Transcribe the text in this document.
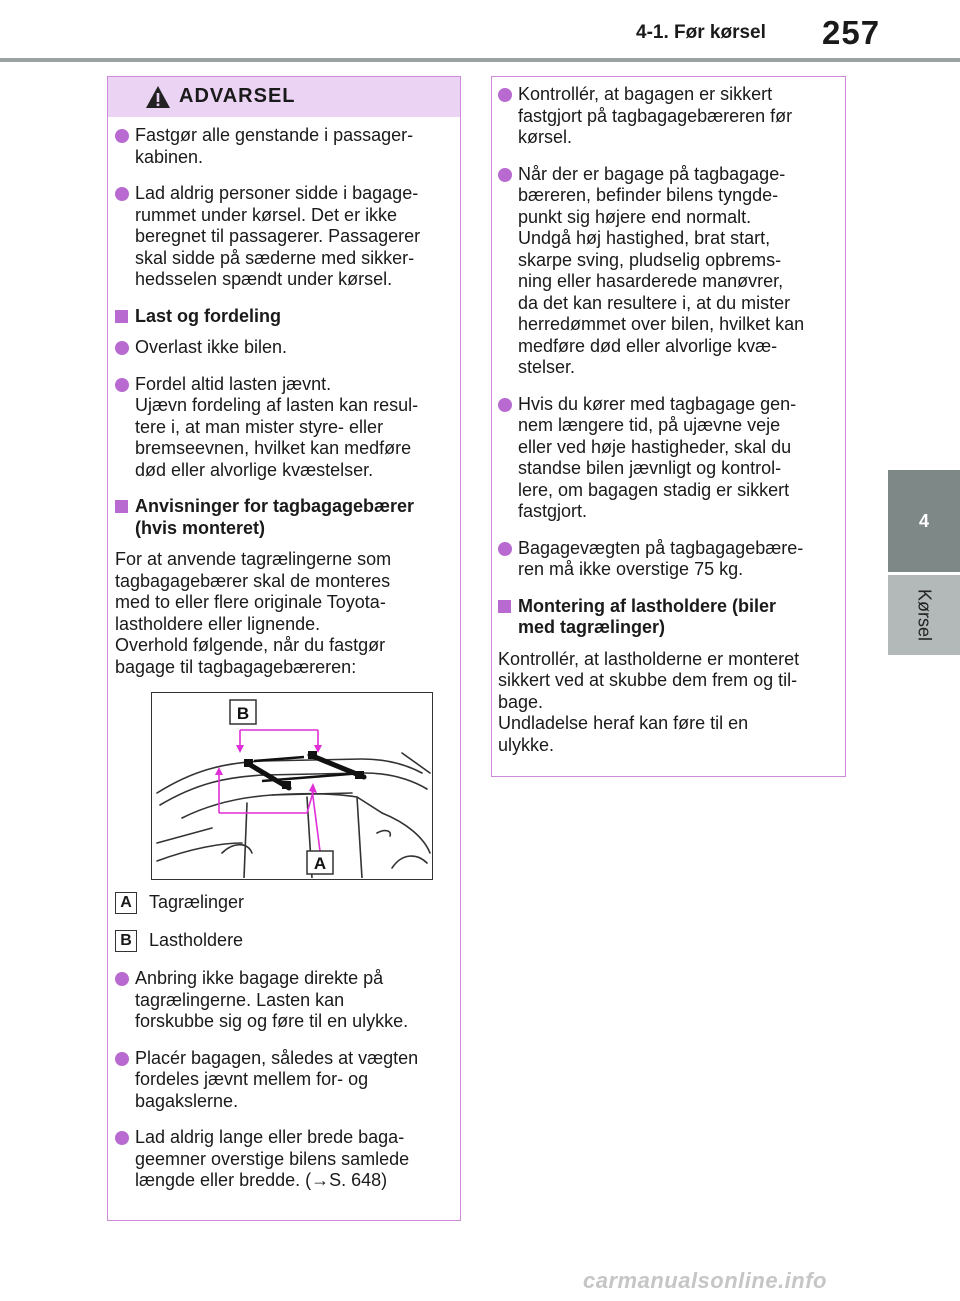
4-1. Før kørsel 257
4
Kørsel
ADVARSEL
Fastgør alle genstande i passager-
kabinen.
Lad aldrig personer sidde i bagage-
rummet under kørsel. Det er ikke
beregnet til passagerer. Passagerer
skal sidde på sæderne med sikker-
hedsselen spændt under kørsel.
Last og fordeling
Overlast ikke bilen.
Fordel altid lasten jævnt.
Ujævn fordeling af lasten kan resul-
tere i, at man mister styre- eller
bremseevnen, hvilket kan medføre
død eller alvorlige kvæstelser.
Anvisninger for tagbagagebærer
(hvis monteret)
For at anvende tagrælingerne som
tagbagagebærer skal de monteres
med to eller flere originale Toyota-
lastholdere eller lignende.
Overhold følgende, når du fastgør
bagage til tagbagagebæreren:
B
A
A Tagrælinger
B Lastholdere
Anbring ikke bagage direkte på
tagrælingerne. Lasten kan
forskubbe sig og føre til en ulykke.
Placér bagagen, således at vægten
fordeles jævnt mellem for- og
bagakslerne.
Lad aldrig lange eller brede baga-
geemner overstige bilens samlede
længde eller bredde. (→S. 648)
Kontrollér, at bagagen er sikkert
fastgjort på tagbagagebæreren før
kørsel.
Når der er bagage på tagbagage-
bæreren, befinder bilens tyngde-
punkt sig højere end normalt.
Undgå høj hastighed, brat start,
skarpe sving, pludselig opbrems-
ning eller hasarderede manøvrer,
da det kan resultere i, at du mister
herredømmet over bilen, hvilket kan
medføre død eller alvorlige kvæ-
stelser.
Hvis du kører med tagbagage gen-
nem længere tid, på ujævne veje
eller ved høje hastigheder, skal du
standse bilen jævnligt og kontrol-
lere, om bagagen stadig er sikkert
fastgjort.
Bagagevægten på tagbagagebære-
ren må ikke overstige 75 kg.
Montering af lastholdere (biler
med tagrælinger)
Kontrollér, at lastholderne er monteret
sikkert ved at skubbe dem frem og til-
bage.
Undladelse heraf kan føre til en
ulykke.
carmanualsonline.info
